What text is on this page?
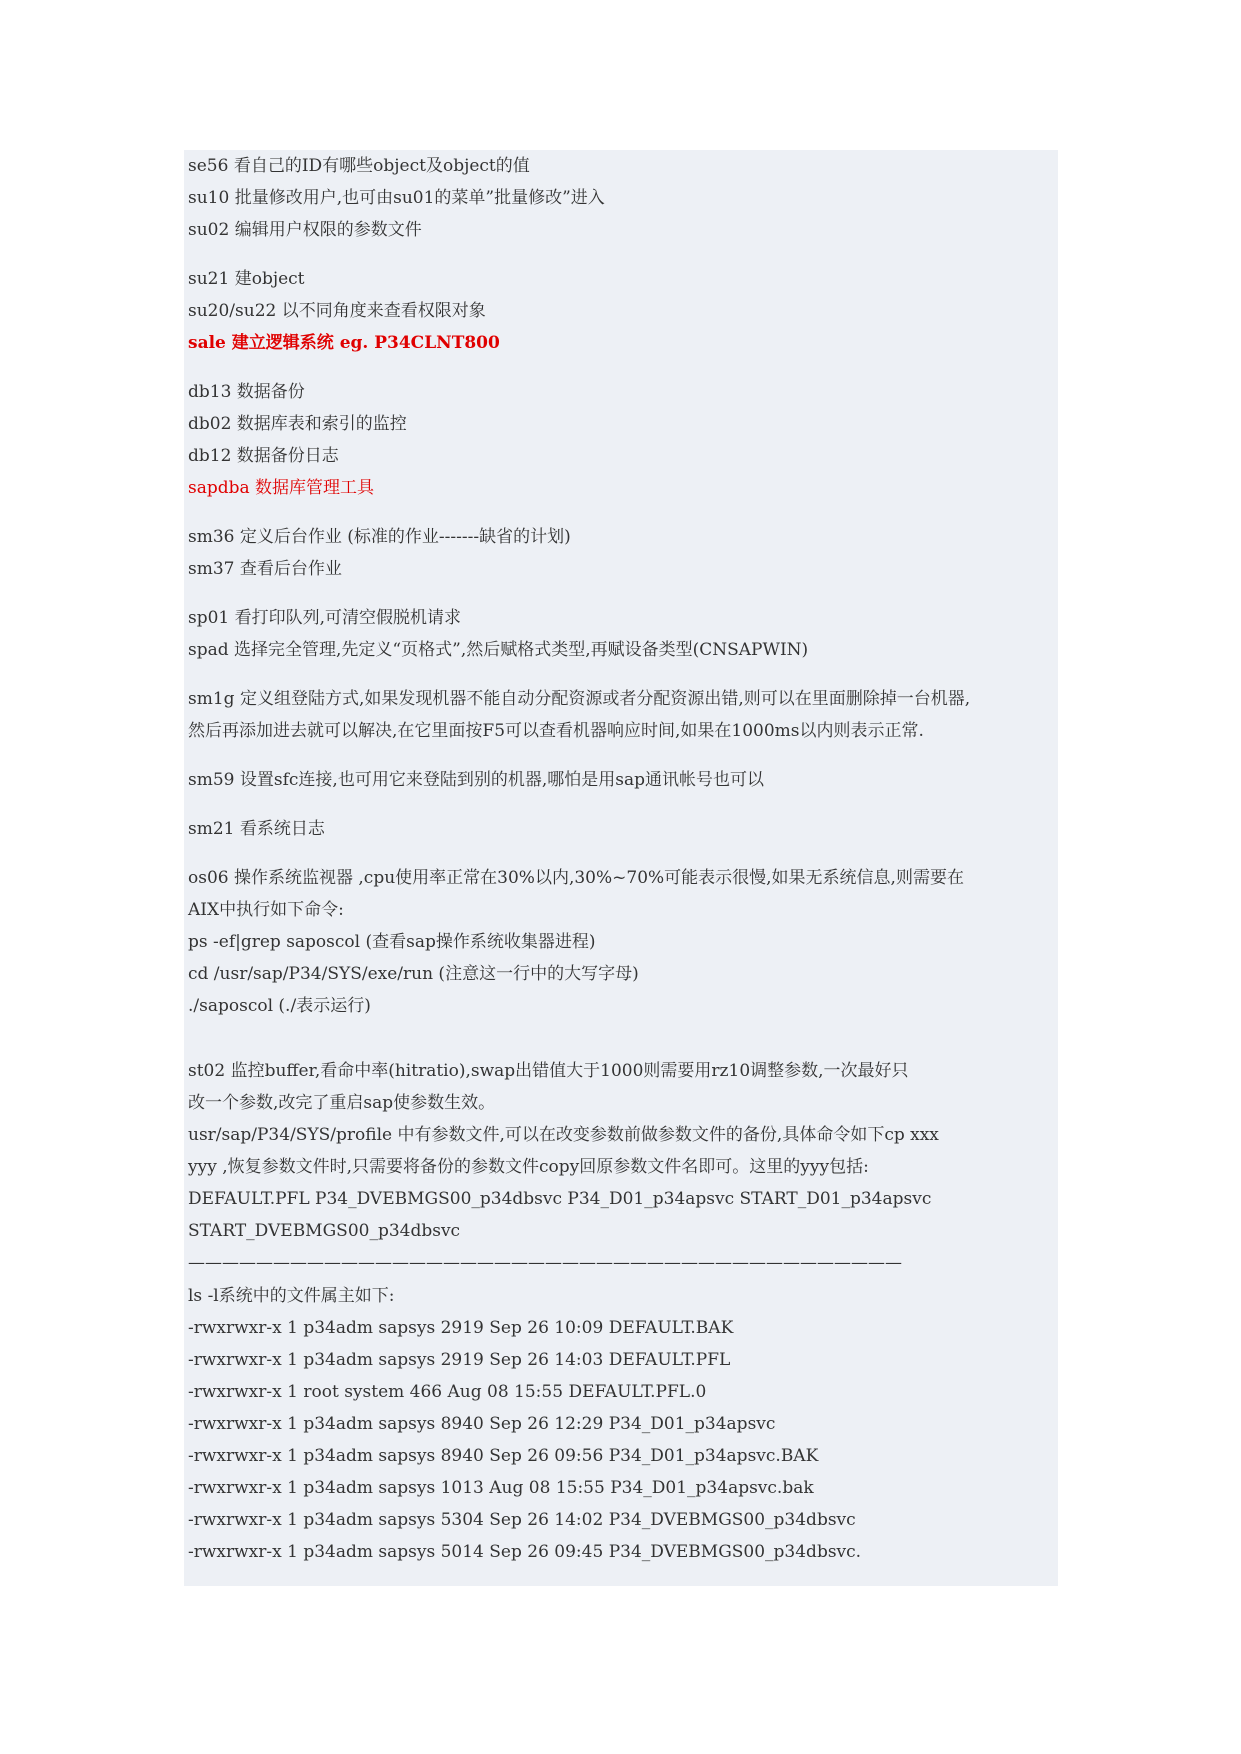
se56 看自己的ID有哪些object及object的值
su10 批量修改用户,也可由su01的菜单”批量修改”进入
su02 编辑用户权限的参数文件
su21 建object
su20/su22 以不同角度来查看权限对象
sale 建立逻辑系统 eg. P34CLNT800
db13 数据备份
db02 数据库表和索引的监控
db12 数据备份日志
sapdba 数据库管理工具
sm36 定义后台作业 (标准的作业-------缺省的计划)
sm37 查看后台作业
sp01 看打印队列,可清空假脱机请求
spad 选择完全管理,先定义“页格式”,然后赋格式类型,再赋设备类型(CNSAPWIN)
sm1g 定义组登陆方式,如果发现机器不能自动分配资源或者分配资源出错,则可以在里面删除掉一台机器,
然后再添加进去就可以解决,在它里面按F5可以查看机器响应时间,如果在1000ms以内则表示正常.
sm59 设置sfc连接,也可用它来登陆到别的机器,哪怕是用sap通讯帐号也可以
sm21 看系统日志
os06 操作系统监视器 ,cpu使用率正常在30%以内,30%~70%可能表示很慢,如果无系统信息,则需要在
AIX中执行如下命令:
ps -ef|grep saposcol (查看sap操作系统收集器进程)
cd /usr/sap/P34/SYS/exe/run (注意这一行中的大写字母)
./saposcol (./表示运行)
st02 监控buffer,看命中率(hitratio),swap出错值大于1000则需要用rz10调整参数,一次最好只
改一个参数,改完了重启sap使参数生效。
usr/sap/P34/SYS/profile 中有参数文件,可以在改变参数前做参数文件的备份,具体命令如下cp xxx
yyy ,恢复参数文件时,只需要将备份的参数文件copy回原参数文件名即可。这里的yyy包括:
DEFAULT.PFL P34_DVEBMGS00_p34dbsvc P34_D01_p34apsvc START_D01_p34apsvc
START_DVEBMGS00_p34dbsvc
——————————————————————————————————————————
ls -l系统中的文件属主如下:
-rwxrwxr-x 1 p34adm sapsys 2919 Sep 26 10:09 DEFAULT.BAK
-rwxrwxr-x 1 p34adm sapsys 2919 Sep 26 14:03 DEFAULT.PFL
-rwxrwxr-x 1 root system 466 Aug 08 15:55 DEFAULT.PFL.0
-rwxrwxr-x 1 p34adm sapsys 8940 Sep 26 12:29 P34_D01_p34apsvc
-rwxrwxr-x 1 p34adm sapsys 8940 Sep 26 09:56 P34_D01_p34apsvc.BAK
-rwxrwxr-x 1 p34adm sapsys 1013 Aug 08 15:55 P34_D01_p34apsvc.bak
-rwxrwxr-x 1 p34adm sapsys 5304 Sep 26 14:02 P34_DVEBMGS00_p34dbsvc
-rwxrwxr-x 1 p34adm sapsys 5014 Sep 26 09:45 P34_DVEBMGS00_p34dbsvc.
